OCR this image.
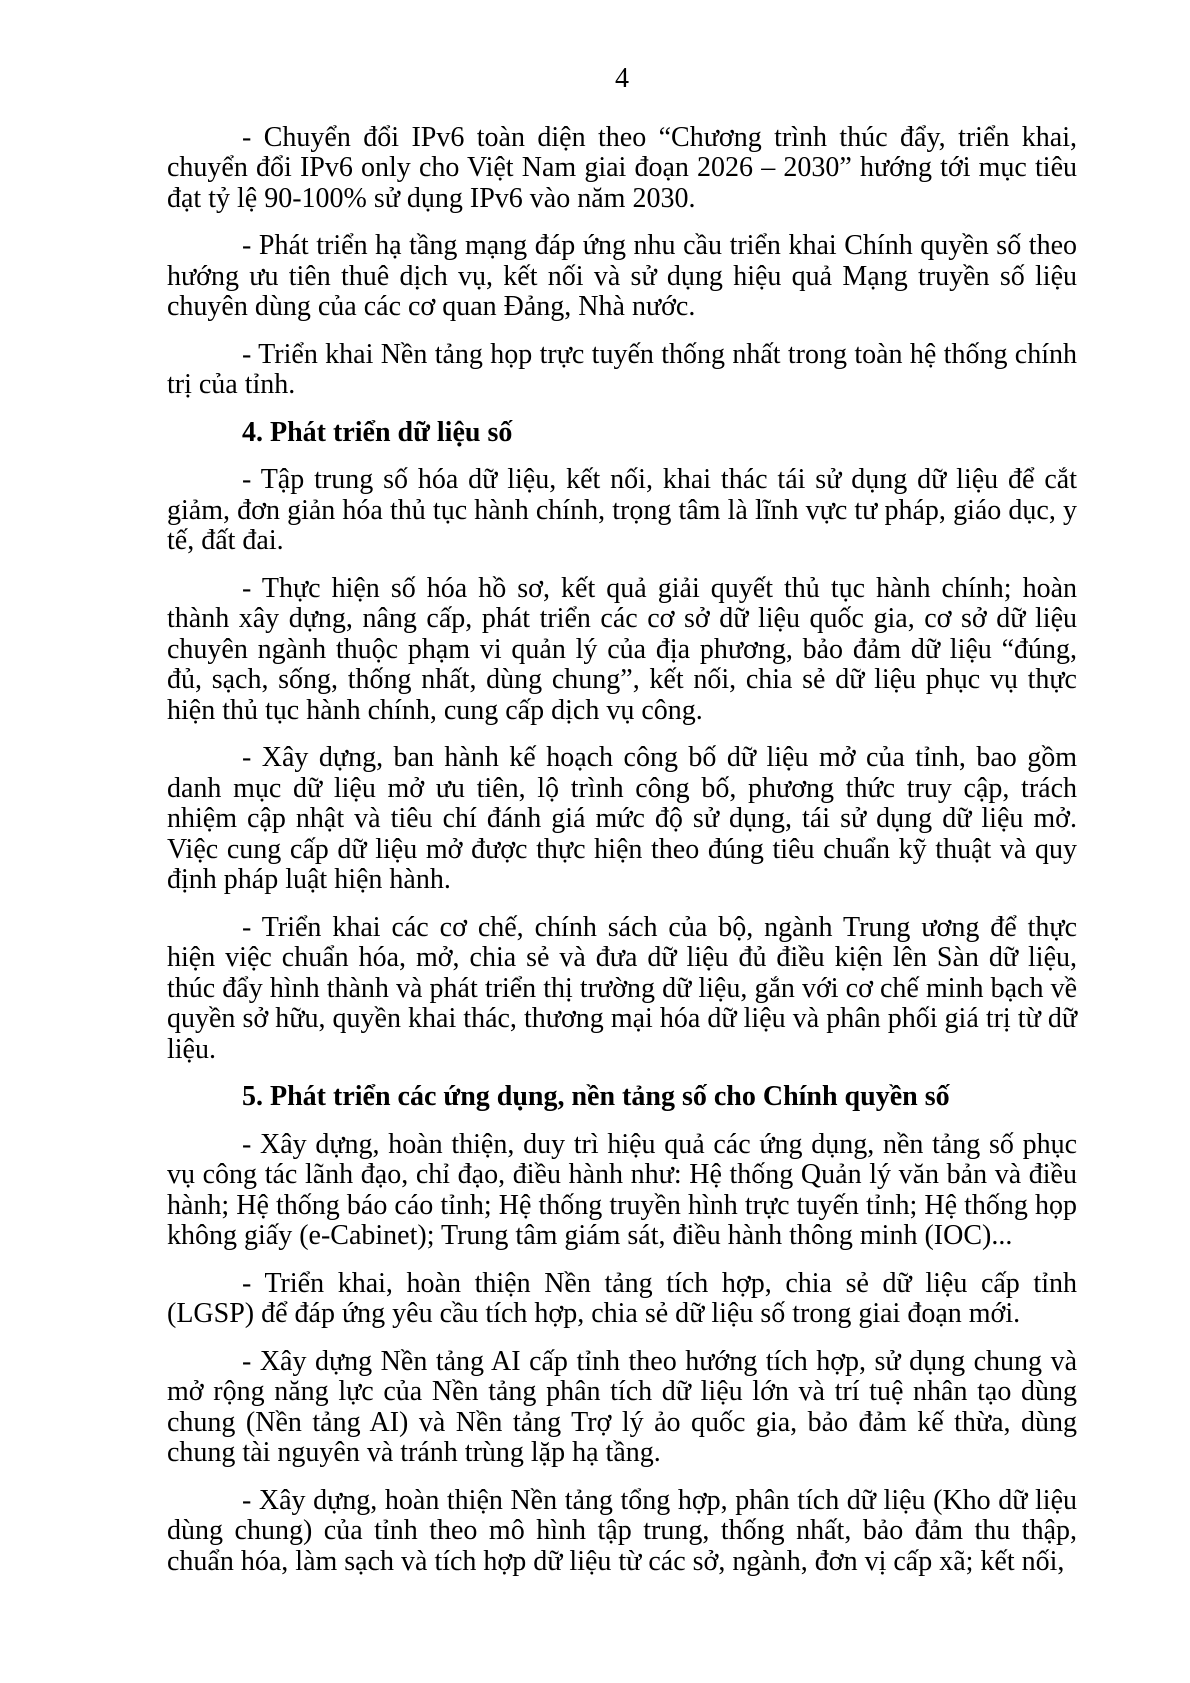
4

- Chuyển đổi IPv6 toàn diện theo “Chương trình thúc đẩy, triển khai, chuyển đổi IPv6 only cho Việt Nam giai đoạn 2026 – 2030” hướng tới mục tiêu đạt tỷ lệ 90-100% sử dụng IPv6 vào năm 2030.

- Phát triển hạ tầng mạng đáp ứng nhu cầu triển khai Chính quyền số theo hướng ưu tiên thuê dịch vụ, kết nối và sử dụng hiệu quả Mạng truyền số liệu chuyên dùng của các cơ quan Đảng, Nhà nước.

- Triển khai Nền tảng họp trực tuyến thống nhất trong toàn hệ thống chính trị của tỉnh.

4. Phát triển dữ liệu số

- Tập trung số hóa dữ liệu, kết nối, khai thác tái sử dụng dữ liệu để cắt giảm, đơn giản hóa thủ tục hành chính, trọng tâm là lĩnh vực tư pháp, giáo dục, y tế, đất đai.

- Thực hiện số hóa hồ sơ, kết quả giải quyết thủ tục hành chính; hoàn thành xây dựng, nâng cấp, phát triển các cơ sở dữ liệu quốc gia, cơ sở dữ liệu chuyên ngành thuộc phạm vi quản lý của địa phương, bảo đảm dữ liệu “đúng, đủ, sạch, sống, thống nhất, dùng chung”, kết nối, chia sẻ dữ liệu phục vụ thực hiện thủ tục hành chính, cung cấp dịch vụ công.

- Xây dựng, ban hành kế hoạch công bố dữ liệu mở của tỉnh, bao gồm danh mục dữ liệu mở ưu tiên, lộ trình công bố, phương thức truy cập, trách nhiệm cập nhật và tiêu chí đánh giá mức độ sử dụng, tái sử dụng dữ liệu mở. Việc cung cấp dữ liệu mở được thực hiện theo đúng tiêu chuẩn kỹ thuật và quy định pháp luật hiện hành.

- Triển khai các cơ chế, chính sách của bộ, ngành Trung ương để thực hiện việc chuẩn hóa, mở, chia sẻ và đưa dữ liệu đủ điều kiện lên Sàn dữ liệu, thúc đẩy hình thành và phát triển thị trường dữ liệu, gắn với cơ chế minh bạch về quyền sở hữu, quyền khai thác, thương mại hóa dữ liệu và phân phối giá trị từ dữ liệu.

5. Phát triển các ứng dụng, nền tảng số cho Chính quyền số

- Xây dựng, hoàn thiện, duy trì hiệu quả các ứng dụng, nền tảng số phục vụ công tác lãnh đạo, chỉ đạo, điều hành như: Hệ thống Quản lý văn bản và điều hành; Hệ thống báo cáo tỉnh; Hệ thống truyền hình trực tuyến tỉnh; Hệ thống họp không giấy (e-Cabinet); Trung tâm giám sát, điều hành thông minh (IOC)...

- Triển khai, hoàn thiện Nền tảng tích hợp, chia sẻ dữ liệu cấp tỉnh (LGSP) để đáp ứng yêu cầu tích hợp, chia sẻ dữ liệu số trong giai đoạn mới.

- Xây dựng Nền tảng AI cấp tỉnh theo hướng tích hợp, sử dụng chung và mở rộng năng lực của Nền tảng phân tích dữ liệu lớn và trí tuệ nhân tạo dùng chung (Nền tảng AI) và Nền tảng Trợ lý ảo quốc gia, bảo đảm kế thừa, dùng chung tài nguyên và tránh trùng lặp hạ tầng.

- Xây dựng, hoàn thiện Nền tảng tổng hợp, phân tích dữ liệu (Kho dữ liệu dùng chung) của tỉnh theo mô hình tập trung, thống nhất, bảo đảm thu thập, chuẩn hóa, làm sạch và tích hợp dữ liệu từ các sở, ngành, đơn vị cấp xã; kết nối,
